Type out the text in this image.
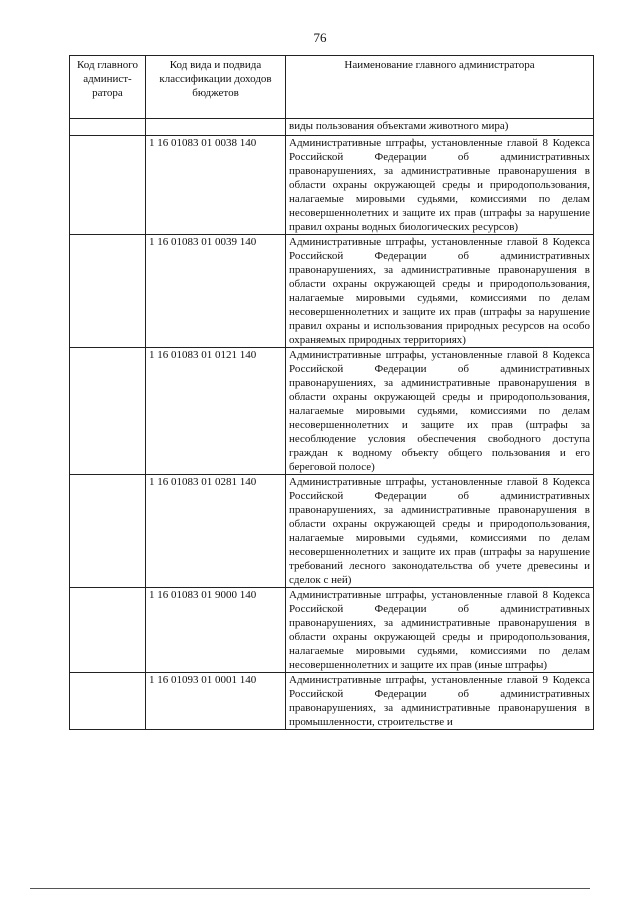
76
Код главного админист-ратора	Код вида и подвида классификации доходов бюджетов	Наименование главного администратора
		виды пользования объектами животного мира)
	1 16 01083 01 0038 140	Административные штрафы, установленные главой 8 Кодекса Российской Федерации об административных правонарушениях, за административные правонарушения в области охраны окружающей среды и природопользования, налагаемые мировыми судьями, комиссиями по делам несовершеннолетних и защите их прав (штрафы за нарушение правил охраны водных биологических ресурсов)
	1 16 01083 01 0039 140	Административные штрафы, установленные главой 8 Кодекса Российской Федерации об административных правонарушениях, за административные правонарушения в области охраны окружающей среды и природопользования, налагаемые мировыми судьями, комиссиями по делам несовершеннолетних и защите их прав (штрафы за нарушение правил охраны и использования природных ресурсов на особо охраняемых природных территориях)
	1 16 01083 01 0121 140	Административные штрафы, установленные главой 8 Кодекса Российской Федерации об административных правонарушениях, за административные правонарушения в области охраны окружающей среды и природопользования, налагаемые мировыми судьями, комиссиями по делам несовершеннолетних и защите их прав (штрафы за несоблюдение условия обеспечения свободного доступа граждан к водному объекту общего пользования и его береговой полосе)
	1 16 01083 01 0281 140	Административные штрафы, установленные главой 8 Кодекса Российской Федерации об административных правонарушениях, за административные правонарушения в области охраны окружающей среды и природопользования, налагаемые мировыми судьями, комиссиями по делам несовершеннолетних и защите их прав (штрафы за нарушение требований лесного законодательства об учете древесины и сделок с ней)
	1 16 01083 01 9000 140	Административные штрафы, установленные главой 8 Кодекса Российской Федерации об административных правонарушениях, за административные правонарушения в области охраны окружающей среды и природопользования, налагаемые мировыми судьями, комиссиями по делам несовершеннолетних и защите их прав (иные штрафы)
	1 16 01093 01 0001 140	Административные штрафы, установленные главой 9 Кодекса Российской Федерации об административных правонарушениях, за административные правонарушения в промышленности, строительстве и
